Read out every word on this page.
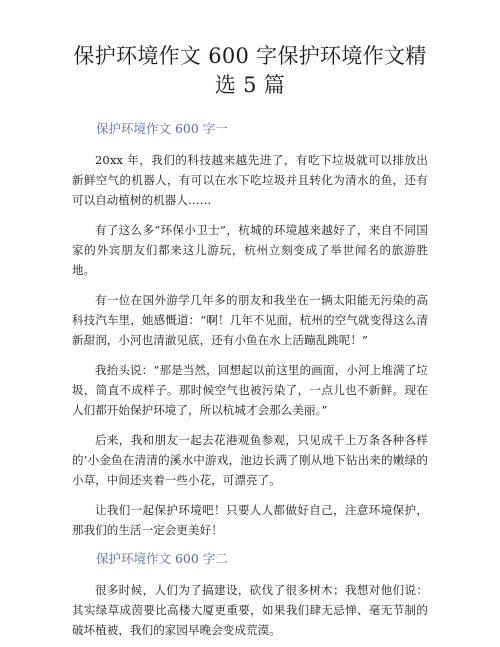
保护环境作文 600 字保护环境作文精选 5 篇
保护环境作文 600 字一

20xx 年，我们的科技越来越先进了，有吃下垃圾就可以排放出新鲜空气的机器人，有可以在水下吃垃圾并且转化为清水的鱼，还有可以自动植树的机器人……

有了这么多“环保小卫士”，杭城的环境越来越好了，来自不同国家的外宾朋友们都来这儿游玩，杭州立刻变成了举世闻名的旅游胜地。

有一位在国外游学几年多的朋友和我坐在一辆太阳能无污染的高科技汽车里，她感慨道：“啊！几年不见面，杭州的空气就变得这么清新甜润，小河也清澈见底，还有小鱼在水上活蹦乱跳呢！”

我抬头说：“那是当然，回想起以前这里的画面，小河上堆满了垃圾，简直不成样子。那时候空气也被污染了，一点儿也不新鲜。现在人们都开始保护环境了，所以杭城才会那么美丽。”

后来，我和朋友一起去花港观鱼参观，只见成千上万条各种各样的’小金鱼在清清的溪水中游戏，池边长满了刚从地下钻出来的嫩绿的小草，中间还夹着一些小花，可漂亮了。

让我们一起保护环境吧！只要人人都做好自己，注意环境保护，那我们的生活一定会更美好！

保护环境作文 600 字二

很多时候，人们为了搞建设，砍伐了很多树木；我想对他们说：其实绿草成茵要比高楼大厦更重要，如果我们肆无忌惮、毫无节制的破坏植被，我们的家园早晚会变成荒漠。
